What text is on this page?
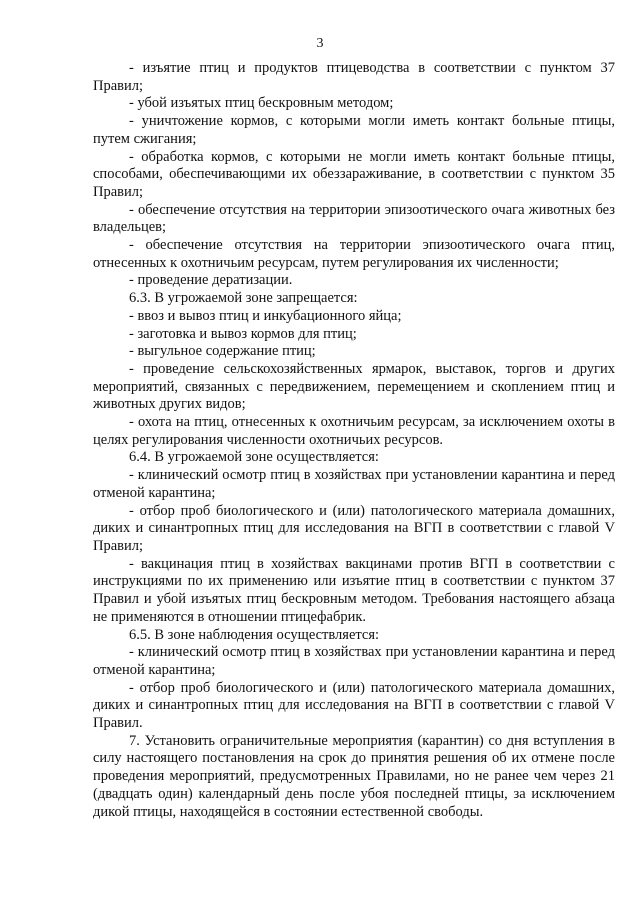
3

- изъятие птиц и продуктов птицеводства в соответствии с пунктом 37 Правил;

- убой изъятых птиц бескровным методом;

- уничтожение кормов, с которыми могли иметь контакт больные птицы, путем сжигания;

- обработка кормов, с которыми не могли иметь контакт больные птицы, способами, обеспечивающими их обеззараживание, в соответствии с пунктом 35 Правил;

- обеспечение отсутствия на территории эпизоотического очага животных без владельцев;

- обеспечение отсутствия на территории эпизоотического очага птиц, отнесенных к охотничьим ресурсам, путем регулирования их численности;

- проведение дератизации.

6.3. В угрожаемой зоне запрещается:

- ввоз и вывоз птиц и инкубационного яйца;

- заготовка и вывоз кормов для птиц;

- выгульное содержание птиц;

- проведение сельскохозяйственных ярмарок, выставок, торгов и других мероприятий, связанных с передвижением, перемещением и скоплением птиц и животных других видов;

- охота на птиц, отнесенных к охотничьим ресурсам, за исключением охоты в целях регулирования численности охотничьих ресурсов.

6.4. В угрожаемой зоне осуществляется:

- клинический осмотр птиц в хозяйствах при установлении карантина и перед отменой карантина;

- отбор проб биологического и (или) патологического материала домашних, диких и синантропных птиц для исследования на ВГП в соответствии с главой V Правил;

- вакцинация птиц в хозяйствах вакцинами против ВГП в соответствии с инструкциями по их применению или изъятие птиц в соответствии с пунктом 37 Правил и убой изъятых птиц бескровным методом. Требования настоящего абзаца не применяются в отношении птицефабрик.

6.5. В зоне наблюдения осуществляется:

- клинический осмотр птиц в хозяйствах при установлении карантина и перед отменой карантина;

- отбор проб биологического и (или) патологического материала домашних, диких и синантропных птиц для исследования на ВГП в соответствии с главой V Правил.

7. Установить ограничительные мероприятия (карантин) со дня вступления в силу настоящего постановления на срок до принятия решения об их отмене после проведения мероприятий, предусмотренных Правилами, но не ранее чем через 21 (двадцать один) календарный день после убоя последней птицы, за исключением дикой птицы, находящейся в состоянии естественной свободы.
